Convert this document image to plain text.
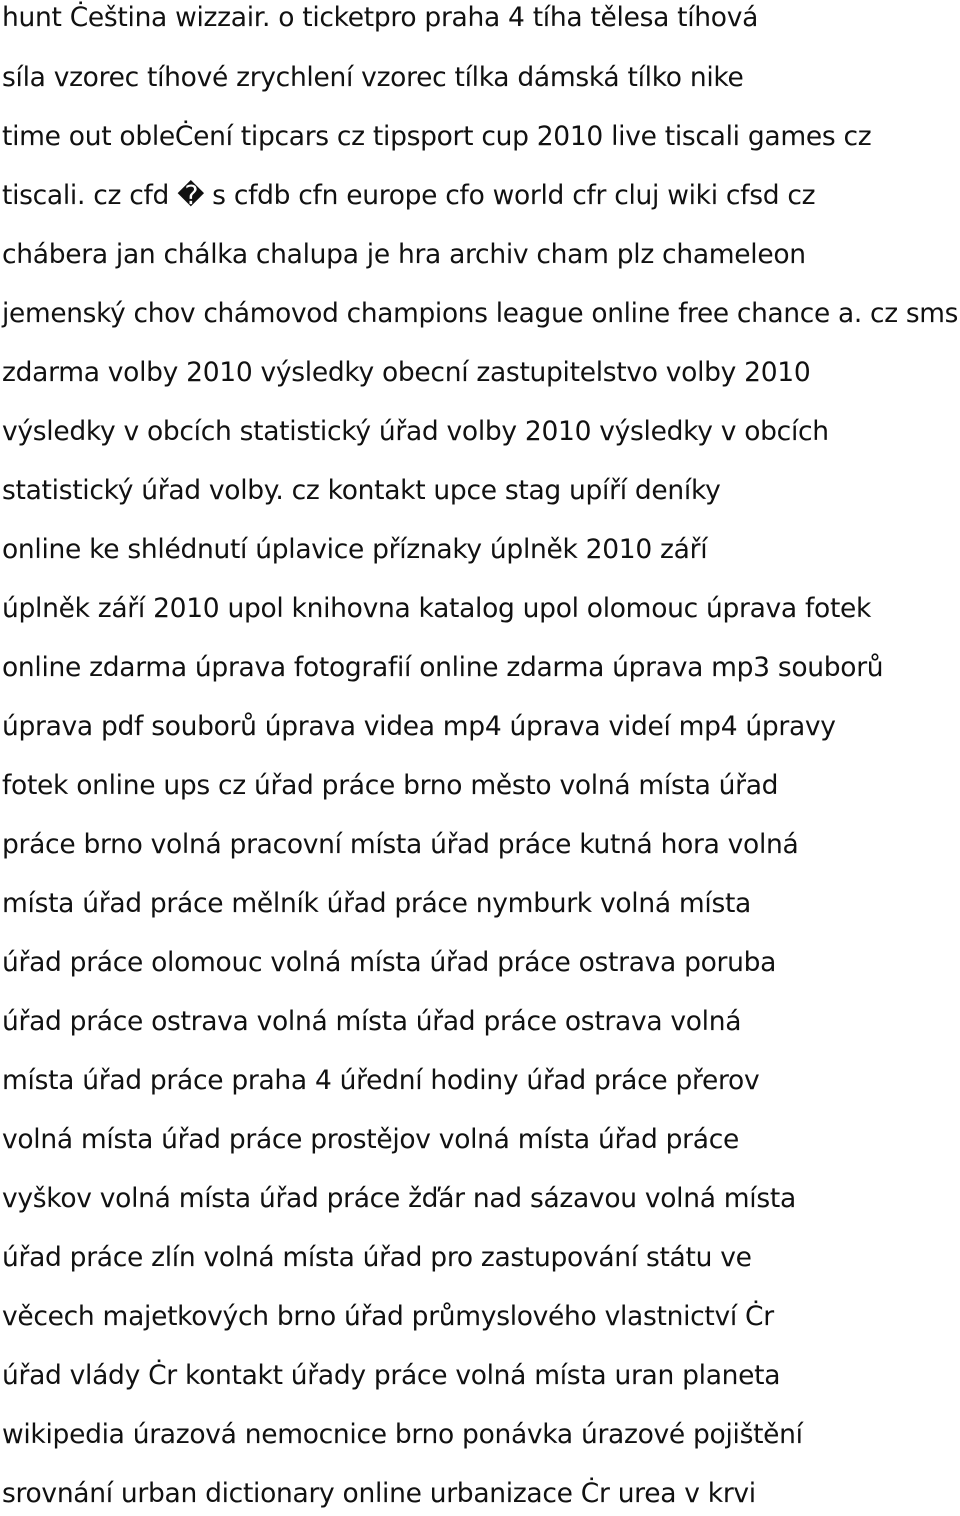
hunt Ċeština wizzair. o ticketpro praha 4 tíha tělesa tíhová
síla vzorec tíhové zrychlení vzorec tílka dámská tílko nike
time out obleĊení tipcars cz tipsport cup 2010 live tiscali games cz
tiscali. cz cfd � s cfdb cfn europe cfo world cfr cluj wiki cfsd cz
chábera jan chálka chalupa je hra archiv cham plz chameleon
jemenský chov chámovod champions league online free chance a. cz sms
zdarma volby 2010 výsledky obecní zastupitelstvo volby 2010
výsledky v obcích statistický úřad volby 2010 výsledky v obcích
statistický úřad volby. cz kontakt upce stag upíří deníky
online ke shlédnutí úplavice příznaky úplněk 2010 září
úplněk září 2010 upol knihovna katalog upol olomouc úprava fotek
online zdarma úprava fotografií online zdarma úprava mp3 souborů
úprava pdf souborů úprava videa mp4 úprava videí mp4 úpravy
fotek online ups cz úřad práce brno město volná místa úřad
práce brno volná pracovní místa úřad práce kutná hora volná
místa úřad práce mělník úřad práce nymburk volná místa
úřad práce olomouc volná místa úřad práce ostrava poruba
úřad práce ostrava volná místa úřad práce ostrava volná
místa úřad práce praha 4 úřední hodiny úřad práce přerov
volná místa úřad práce prostějov volná místa úřad práce
vyškov volná místa úřad práce žďár nad sázavou volná místa
úřad práce zlín volná místa úřad pro zastupování státu ve
věcech majetkových brno úřad průmyslového vlastnictví Ċr
úřad vlády Ċr kontakt úřady práce volná místa uran planeta
wikipedia úrazová nemocnice brno ponávka úrazové pojištění
srovnání urban dictionary online urbanizace Ċr urea v krvi
